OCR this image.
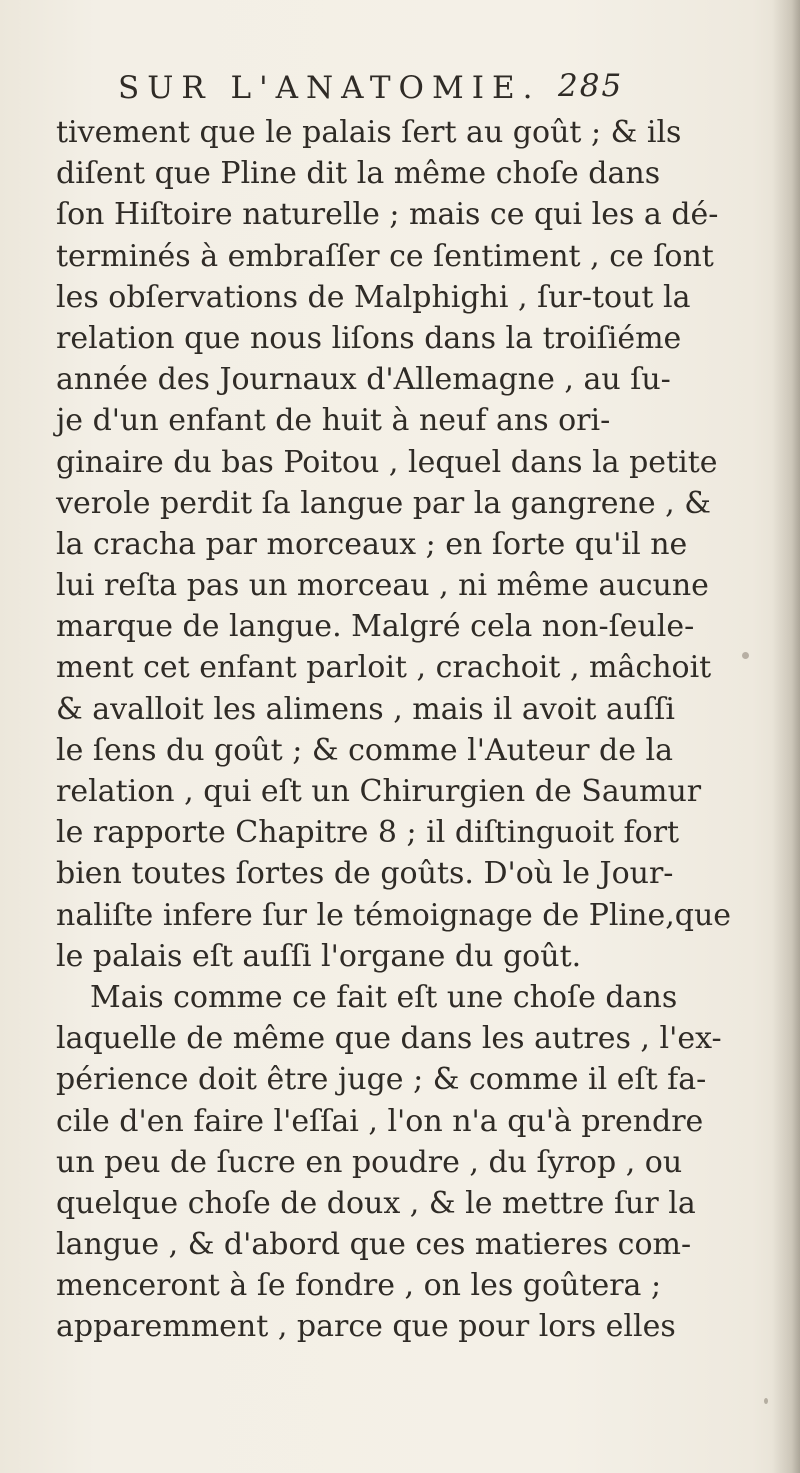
SUR L'ANATOMIE. 285
tivement que le palais ſert au goût ; & ils
diſent que Pline dit la même choſe dans
ſon Hiſtoire naturelle ; mais ce qui les a dé-
terminés à embraſſer ce ſentiment , ce ſont
les obſervations de Malphighi , ſur-tout la
relation que nous liſons dans la troiſiéme
année des Journaux d'Allemagne , au ſu-
je d'un enfant de huit à neuf ans ori-
ginaire du bas Poitou , lequel dans la petite
verole perdit ſa langue par la gangrene , &
la cracha par morceaux ; en ſorte qu'il ne
lui reſta pas un morceau , ni même aucune
marque de langue. Malgré cela non-ſeule-
ment cet enfant parloit , crachoit , mâchoit
& avalloit les alimens , mais il avoit auſſi
le ſens du goût ; & comme l'Auteur de la
relation , qui eſt un Chirurgien de Saumur
le rapporte Chapitre 8 ; il diſtinguoit fort
bien toutes ſortes de goûts. D'où le Jour-
naliſte infere ſur le témoignage de Pline,que
le palais eſt auſſi l'organe du goût.
Mais comme ce fait eſt une choſe dans
laquelle de même que dans les autres , l'ex-
périence doit être juge ; & comme il eſt fa-
cile d'en faire l'eſſai , l'on n'a qu'à prendre
un peu de ſucre en poudre , du ſyrop , ou
quelque choſe de doux , & le mettre ſur la
langue , & d'abord que ces matieres com-
menceront à ſe fondre , on les goûtera ;
apparemment , parce que pour lors elles
